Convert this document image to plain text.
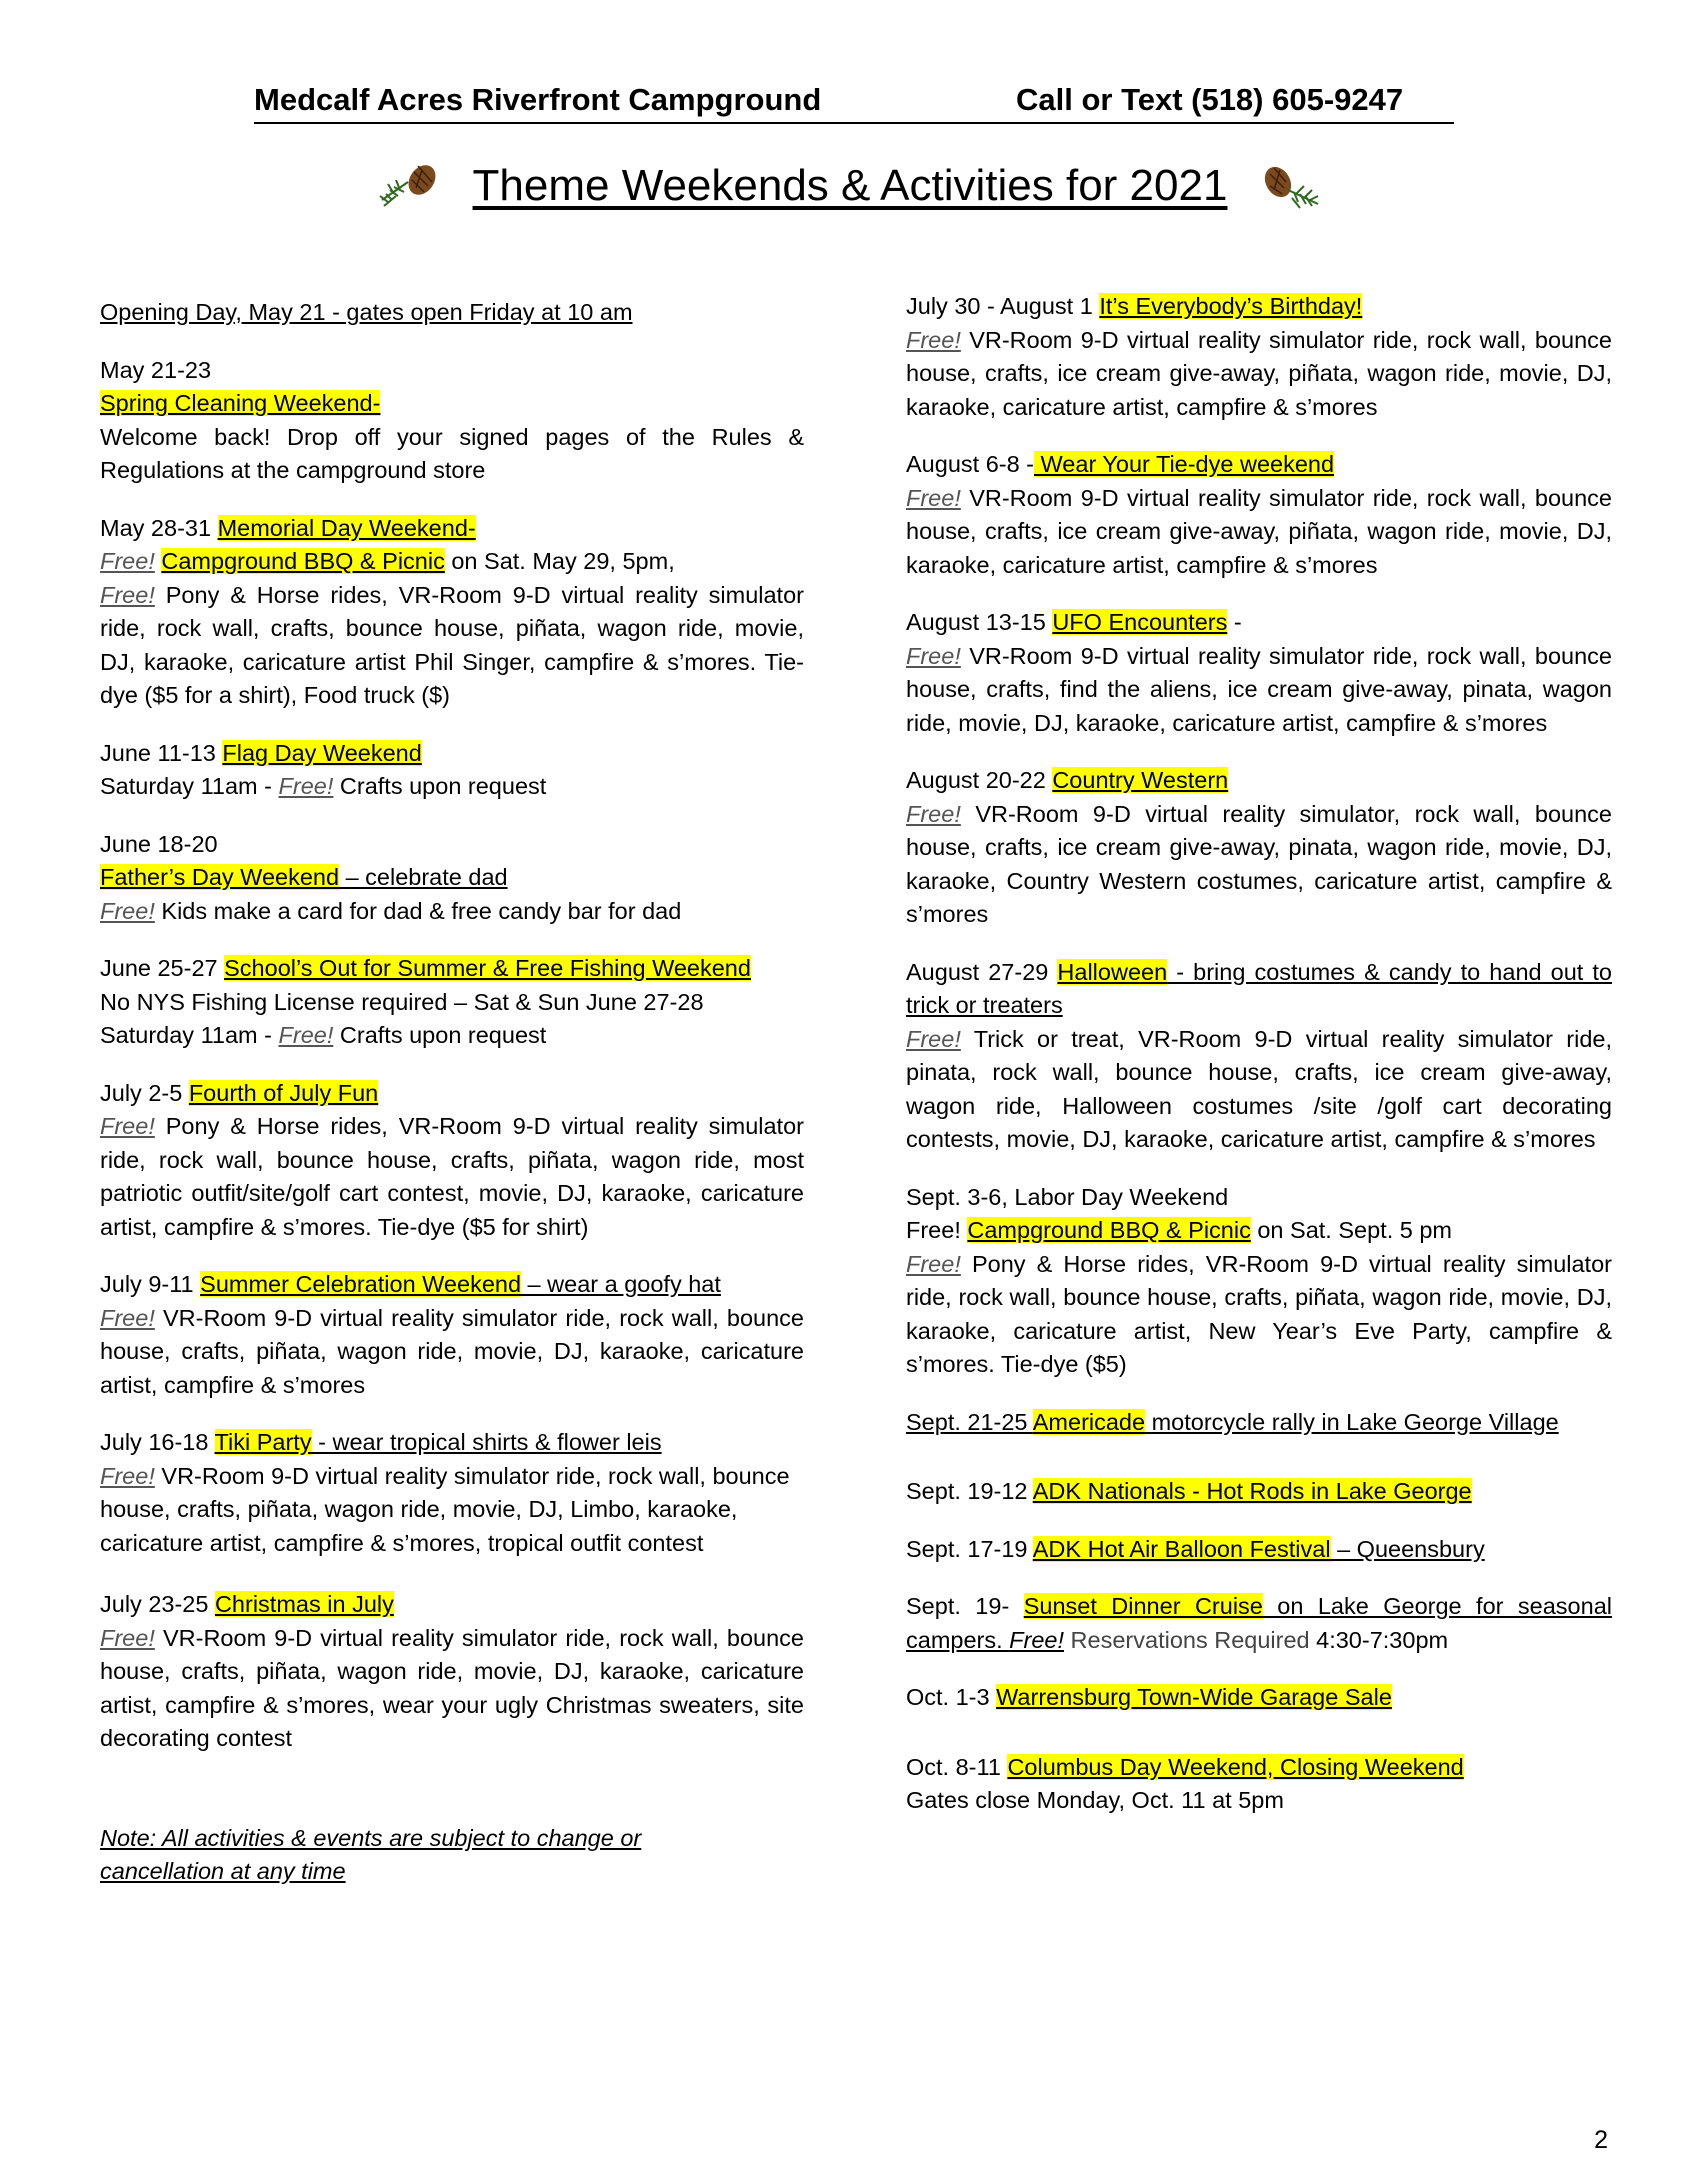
Medcalf Acres Riverfront Campground	Call or Text (518) 605-9247
Theme Weekends & Activities for 2021
Opening Day, May 21 - gates open Friday at 10 am
May 21-23
Spring Cleaning Weekend-
Welcome back! Drop off your signed pages of the Rules & Regulations at the campground store
May 28-31 Memorial Day Weekend-
Free! Campground BBQ & Picnic on Sat. May 29, 5pm,
Free! Pony & Horse rides, VR-Room 9-D virtual reality simulator ride, rock wall, crafts, bounce house, piñata, wagon ride, movie, DJ, karaoke, caricature artist Phil Singer, campfire & s’mores. Tie-dye ($5 for a shirt), Food truck ($)
June 11-13 Flag Day Weekend
Saturday 11am - Free! Crafts upon request
June 18-20
Father’s Day Weekend – celebrate dad
Free! Kids make a card for dad & free candy bar for dad
June 25-27 School’s Out for Summer & Free Fishing Weekend
No NYS Fishing License required – Sat & Sun June 27-28
Saturday 11am - Free! Crafts upon request
July 2-5 Fourth of July Fun
Free! Pony & Horse rides, VR-Room 9-D virtual reality simulator ride, rock wall, bounce house, crafts, piñata, wagon ride, most patriotic outfit/site/golf cart contest, movie, DJ, karaoke, caricature artist, campfire & s’mores. Tie-dye ($5 for shirt)
July 9-11 Summer Celebration Weekend – wear a goofy hat
Free! VR-Room 9-D virtual reality simulator ride, rock wall, bounce house, crafts, piñata, wagon ride, movie, DJ, karaoke, caricature artist, campfire & s’mores
July 16-18 Tiki Party - wear tropical shirts & flower leis
Free! VR-Room 9-D virtual reality simulator ride, rock wall, bounce house, crafts, piñata, wagon ride, movie, DJ, Limbo, karaoke, caricature artist, campfire & s’mores, tropical outfit contest
July 23-25 Christmas in July
Free! VR-Room 9-D virtual reality simulator ride, rock wall, bounce house, crafts, piñata, wagon ride, movie, DJ, karaoke, caricature artist, campfire & s’mores, wear your ugly Christmas sweaters, site decorating contest
Note: All activities & events are subject to change or cancellation at any time
July 30 - August 1 It’s Everybody’s Birthday!
Free! VR-Room 9-D virtual reality simulator ride, rock wall, bounce house, crafts, ice cream give-away, piñata, wagon ride, movie, DJ, karaoke, caricature artist, campfire & s’mores
August 6-8 - Wear Your Tie-dye weekend
Free! VR-Room 9-D virtual reality simulator ride, rock wall, bounce house, crafts, ice cream give-away, piñata, wagon ride, movie, DJ, karaoke, caricature artist, campfire & s’mores
August 13-15 UFO Encounters -
Free! VR-Room 9-D virtual reality simulator ride, rock wall, bounce house, crafts, find the aliens, ice cream give-away, pinata, wagon ride, movie, DJ, karaoke, caricature artist, campfire & s’mores
August 20-22 Country Western
Free! VR-Room 9-D virtual reality simulator, rock wall, bounce house, crafts, ice cream give-away, pinata, wagon ride, movie, DJ, karaoke, Country Western costumes, caricature artist, campfire & s’mores
August 27-29 Halloween - bring costumes & candy to hand out to trick or treaters
Free! Trick or treat, VR-Room 9-D virtual reality simulator ride, pinata, rock wall, bounce house, crafts, ice cream give-away, wagon ride, Halloween costumes /site /golf cart decorating contests, movie, DJ, karaoke, caricature artist, campfire & s’mores
Sept. 3-6, Labor Day Weekend
Free! Campground BBQ & Picnic on Sat. Sept. 5 pm
Free! Pony & Horse rides, VR-Room 9-D virtual reality simulator ride, rock wall, bounce house, crafts, piñata, wagon ride, movie, DJ, karaoke, caricature artist, New Year’s Eve Party, campfire & s’mores. Tie-dye ($5)
Sept. 21-25 Americade motorcycle rally in Lake George Village
Sept. 19-12 ADK Nationals - Hot Rods in Lake George
Sept. 17-19 ADK Hot Air Balloon Festival – Queensbury
Sept. 19- Sunset Dinner Cruise on Lake George for seasonal campers. Free! Reservations Required 4:30-7:30pm
Oct. 1-3 Warrensburg Town-Wide Garage Sale
Oct. 8-11 Columbus Day Weekend, Closing Weekend
Gates close Monday, Oct. 11 at 5pm
2
